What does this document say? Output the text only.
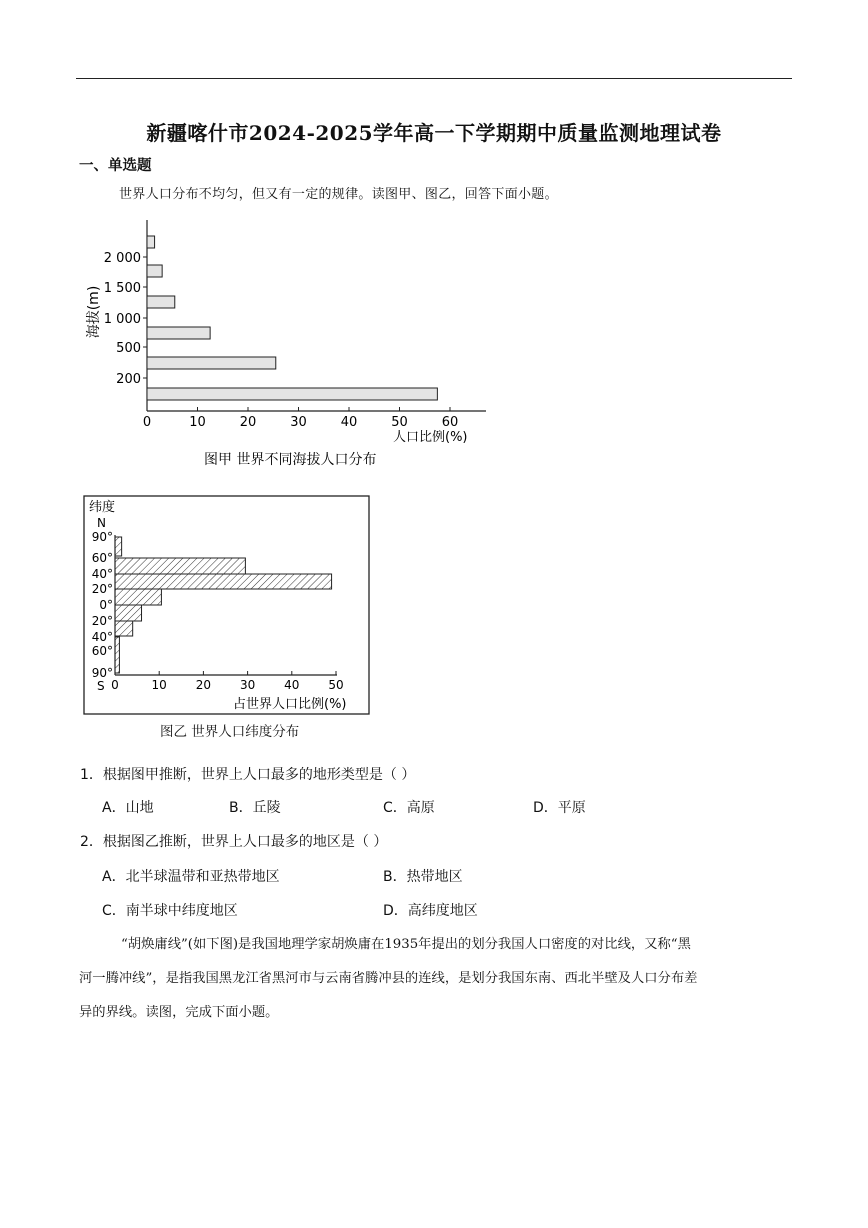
新疆喀什市2024-2025学年高一下学期期中质量监测地理试卷
一、单选题
世界人口分布不均匀，但又有一定的规律。读图甲、图乙，回答下面小题。
海拔(m)
200
500
1 000
1 500
2 000
0	10	20	30	40	50	60
人口比例(%)
图甲 世界不同海拔人口分布
纬度
N
90°
60°
40°
20°
0°
20°
40°
60°
90°
0	10 20 30 40 50
S
占世界人口比例(%)
图乙 世界人口纬度分布
1．根据图甲推断，世界上人口最多的地形类型是（ ）
A．山地	B．丘陵	C．高原	D．平原
2．根据图乙推断，世界上人口最多的地区是（ ）
A．北半球温带和亚热带地区	B．热带地区
C．南半球中纬度地区	D．高纬度地区
“胡焕庸线”(如下图)是我国地理学家胡焕庸在1935年提出的划分我国人口密度的对比线，又称“黑
河一腾冲线”，是指我国黑龙江省黑河市与云南省腾冲县的连线，是划分我国东南、西北半壁及人口分布差
异的界线。读图，完成下面小题。
